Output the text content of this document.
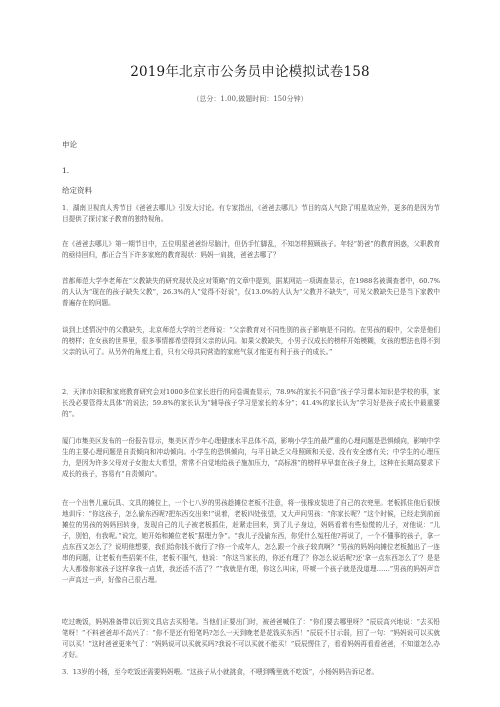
2019年北京市公务员申论模拟试卷158
（总分：1.00,做题时间：150分钟）
申论
1.
给定资料
1．湖南卫视真人秀节目《爸爸去哪儿》引发大讨论。有专家指出，《爸爸去哪儿》节目的高人气除了明星效应外，更多的是因为节目提供了探讨家子教育的独特视角。
在《爸爸去哪儿》第一期节目中，五位明星爸爸纷尽脑汁，但仍手忙脚乱，不知怎样照顾孩子。年轻“奶爸”的教育困惑，父职教育的亟待回归，都正合当下许多家庭的教育现状：妈妈一肩挑，爸爸去哪了？
首都师范大学李老师在“父教缺失的研究现状及应对策略”的文章中提到，据某网站一项调查显示，在1988名被调查者中，60.7%的人认为“现在的孩子缺失父教”，26.3%的人“觉得不好说”，仅13.0%的人认为“父教并不缺失”，可见父教缺失已是当下家教中普遍存在的问题。
谈到上述情况中的父教缺失，北京师范大学的兰老师说：“父亲教育对不同性别的孩子影响是不同的。在男孩的眼中，父亲是他们的榜样；在女孩的世界里，很多事情都希望得到父亲的认同。如果父教缺失，小男子汉成长的榜样开始模糊，女孩的想法也得不到父亲的认可了。从另外的角度上看，只有父母共同营造的家庭气氛才能更有利于孩子的成长。”
2．天津市妇联和家庭教育研究会对1000多位家长进行的问卷调查显示，78.9%的家长不同意“孩子学习课本知识是学校的事，家长没必要管得太具体”的说法；59.8%的家长认为“辅导孩子学习是家长的本分”；41.4%的家长认为“学习好是孩子成长中最重要的”。
厦门市集美区发布的一份报告显示，集美区青少年心理健康水平总体不高，影响小学生的最严重的心理问题是恐惧倾向，影响中学生的主要心理问题是自责倾向和冲动倾向。小学生的恐惧倾向，与平日缺乏父母照顾和关爱、没有安全感有关；中学生的心理压力，是因为许多父母对子女抱太大希望，常常不自觉地给孩子施加压力，“高标准”的榜样早早套在孩子身上，这种在长期高要求下成长的孩子，容易有“自责倾向”。
在一个出售儿童玩具、文具的摊位上，一个七八岁的男孩趁摊位老板不注意，将一张橡皮装进了自己的衣兜里。老板抓住他后很愤地训斥：“你这孩子，怎么偷东西呢?把东西交出来!”说着，老板四处张望，又大声问男孩：“你家长呢？”这个时候，已经走到前面摊位的男孩的妈妈回转身，发现自己的儿子被老板抓住，赶紧走回来，到了儿子身边，妈妈看着有些惊慌的儿子，对他说：“儿子，别怕，有我呢。”说完，她开始和摊位老板“据理力争”。“我儿子没偷东西，你凭什么冤枉他?再说了，一个不懂事的孩子，拿一点东西又怎么了？说明他想要，我们给你钱不就行了?你一个成年人，怎么跟一个孩子较真啊？”男孩的妈妈向摊位老板抛出了一连串的问题，让老板有些招架不住，老板不服气，他说：“你这当家长的，你还有理了？你怎么说话呢?还‘拿一点东西怎么了’？是是大人都像你家孩子这样拿我一点货，我还活不活了？”“我就是有理，你这么叫床，吓唬一个孩子就是没道理……”男孩的妈妈声音一声高过一声，好像自己很占理。
吃过晚饭，妈妈准备带以后到文具店去买铅笔。当他们正要出门时，被爸爸喊住了：“你们要去哪里呀？”辰辰高兴地说：“去买铅笔呀！”不料爸爸却不高兴了：“你不是还有铅笔吗?怎么一天到晚老是花钱买东西！”辰辰不甘示弱，回了一句：“妈妈说可以买就可以买！”这时爸爸更来气了：“妈妈说可以买就买吗?我说不可以买就不能买！”辰辰愣住了，看看妈妈再看看爸爸，不知道怎么办才好。
3．13岁的小杨，至今吃饭还需要妈妈喂。“这孩子从小就挑食，不喂到嘴里就不吃饭”，小杨妈妈告诉记者。
